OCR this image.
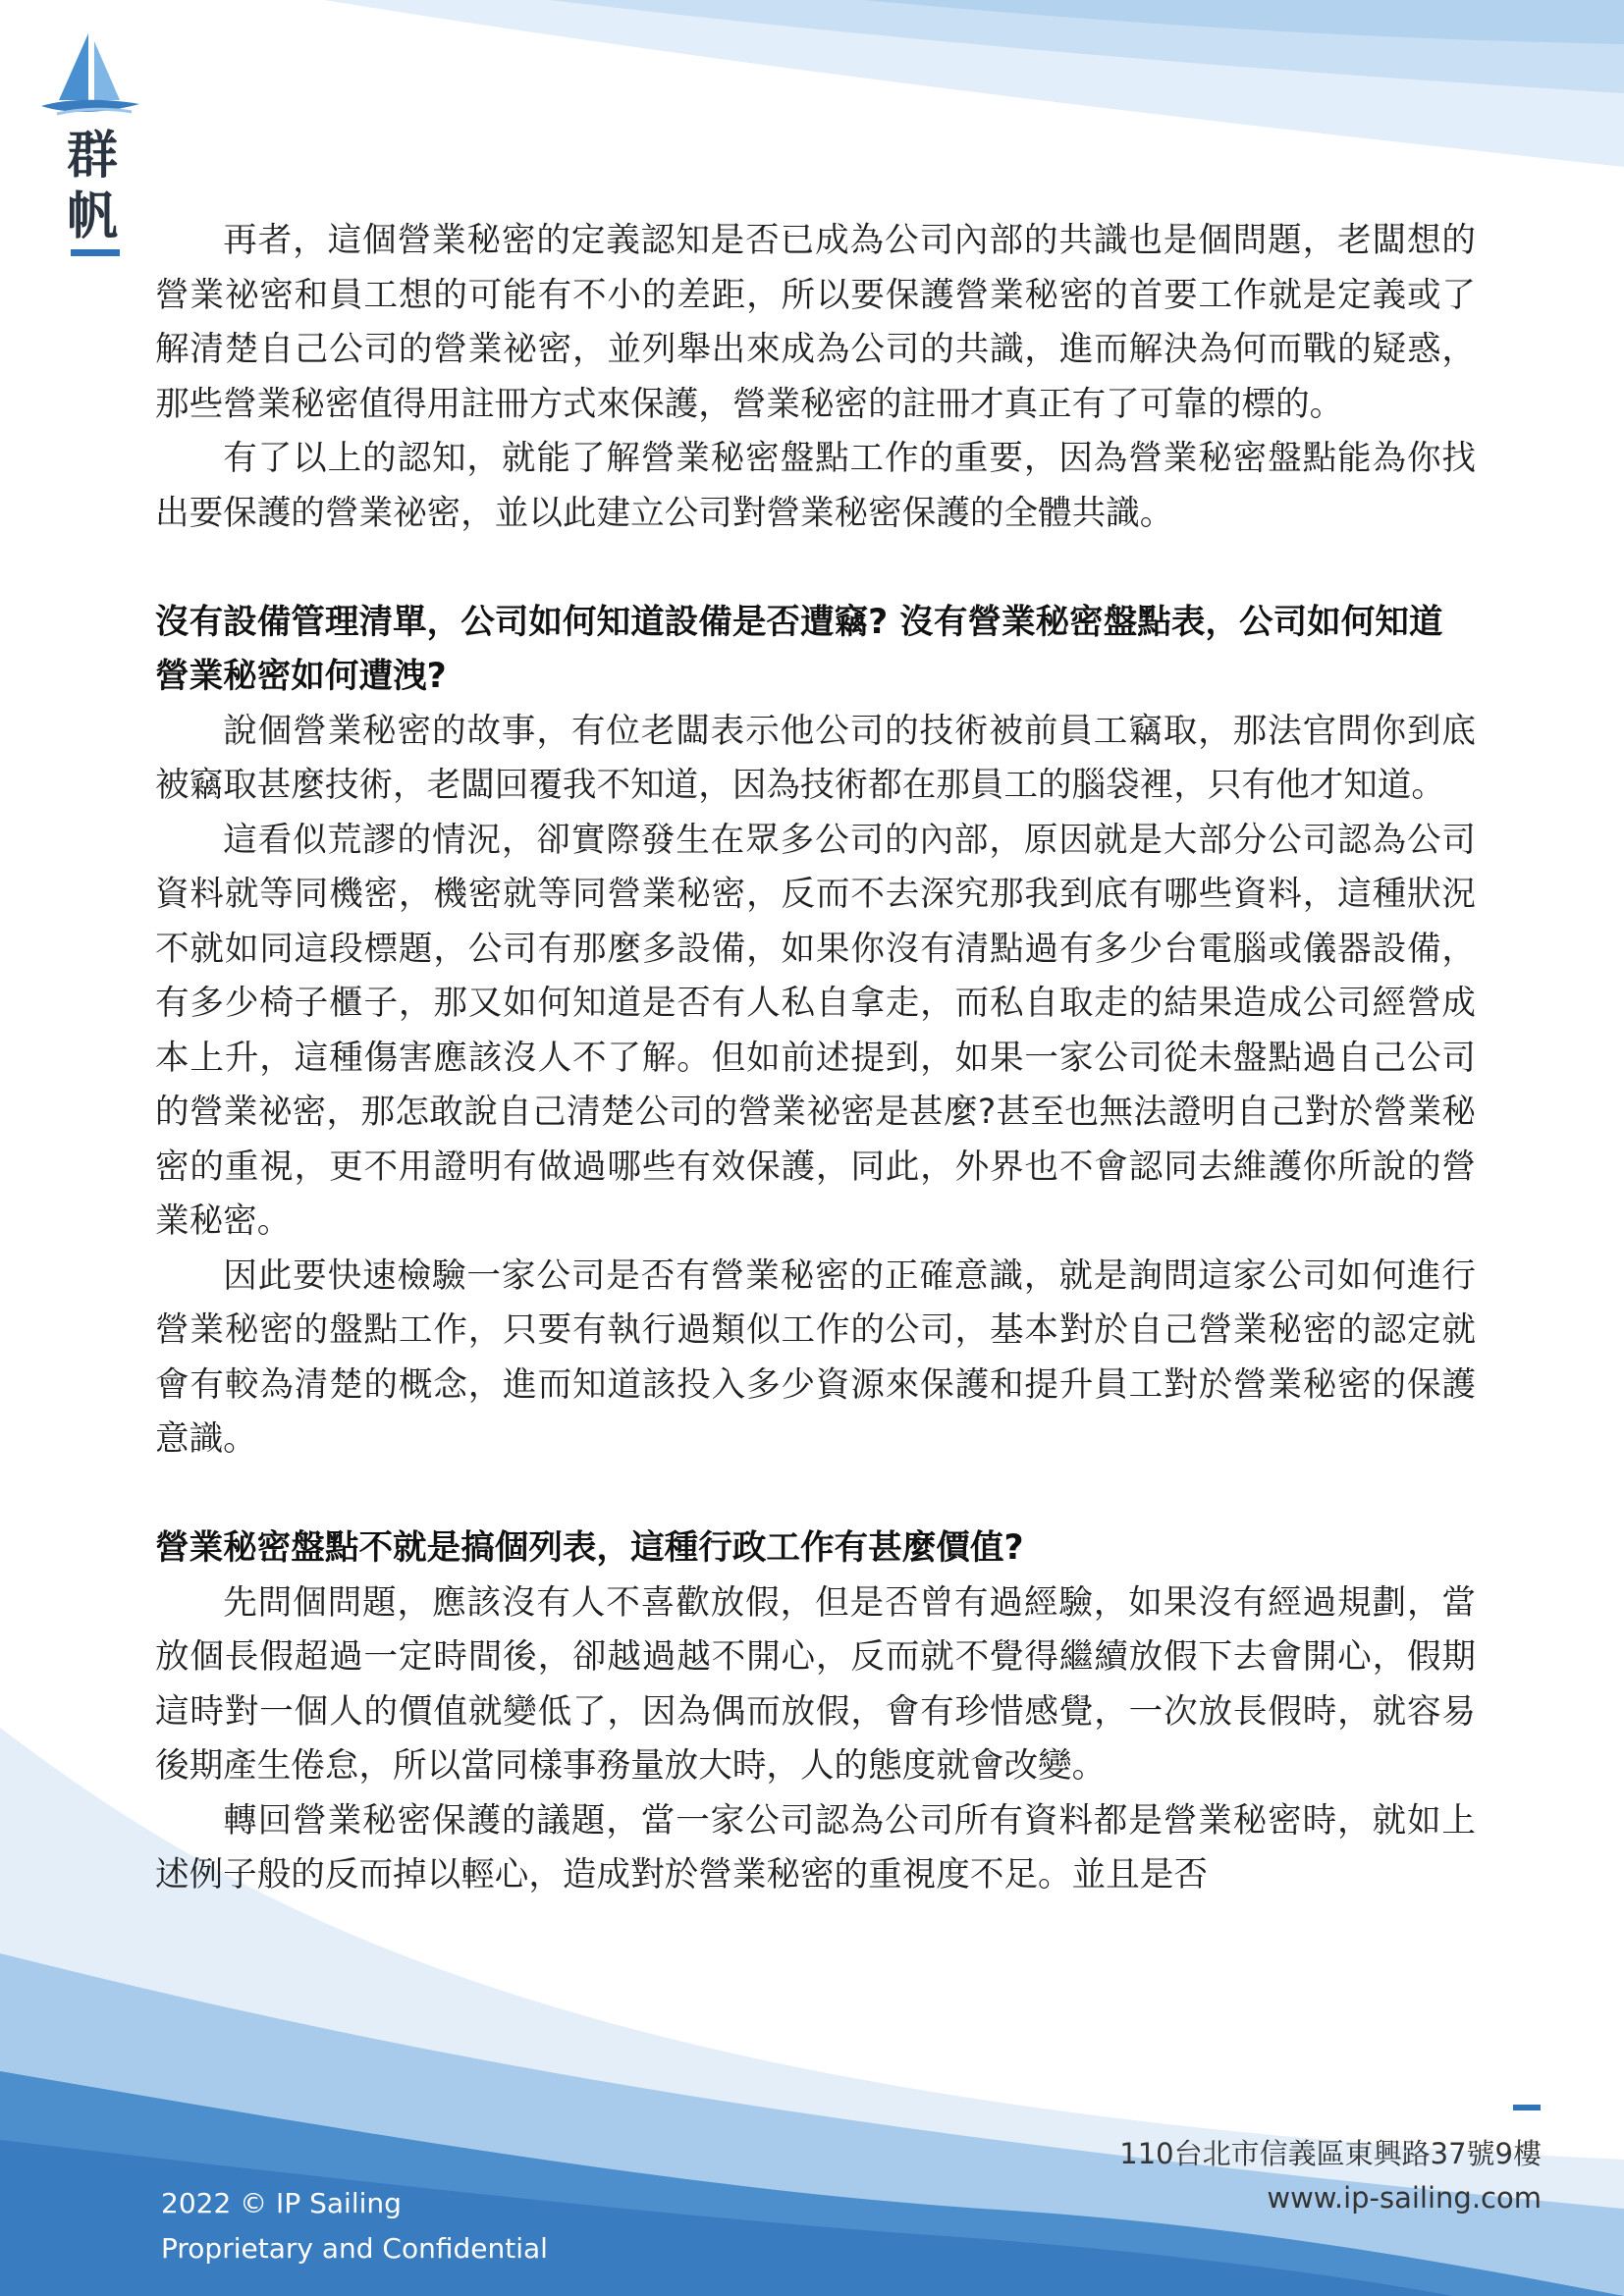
群帆	再者，這個營業秘密的定義認知是否已成為公司內部的共識也是個問題，老闆想的營業祕密和員工想的可能有不小的差距，所以要保護營業秘密的首要工作就是定義或了解清楚自己公司的營業祕密，並列舉出來成為公司的共識，進而解決為何而戰的疑惑，那些營業秘密值得用註冊方式來保護，營業秘密的註冊才真正有了可靠的標的。

有了以上的認知，就能了解營業秘密盤點工作的重要，因為營業秘密盤點能為你找出要保護的營業祕密，並以此建立公司對營業秘密保護的全體共識。

沒有設備管理清單，公司如何知道設備是否遭竊? 沒有營業秘密盤點表，公司如何知道營業秘密如何遭洩?

說個營業秘密的故事，有位老闆表示他公司的技術被前員工竊取，那法官問你到底被竊取甚麼技術，老闆回覆我不知道，因為技術都在那員工的腦袋裡，只有他才知道。

這看似荒謬的情況，卻實際發生在眾多公司的內部，原因就是大部分公司認為公司資料就等同機密，機密就等同營業秘密，反而不去深究那我到底有哪些資料，這種狀況不就如同這段標題，公司有那麼多設備，如果你沒有清點過有多少台電腦或儀器設備，有多少椅子櫃子，那又如何知道是否有人私自拿走，而私自取走的結果造成公司經營成本上升，這種傷害應該沒人不了解。但如前述提到，如果一家公司從未盤點過自己公司的營業祕密，那怎敢說自己清楚公司的營業祕密是甚麼?甚至也無法證明自己對於營業秘密的重視，更不用證明有做過哪些有效保護，同此，外界也不會認同去維護你所說的營業秘密。

因此要快速檢驗一家公司是否有營業秘密的正確意識，就是詢問這家公司如何進行營業秘密的盤點工作，只要有執行過類似工作的公司，基本對於自己營業秘密的認定就會有較為清楚的概念，進而知道該投入多少資源來保護和提升員工對於營業秘密的保護意識。

營業秘密盤點不就是搞個列表，這種行政工作有甚麼價值?

先問個問題，應該沒有人不喜歡放假，但是否曾有過經驗，如果沒有經過規劃，當放個長假超過一定時間後，卻越過越不開心，反而就不覺得繼續放假下去會開心，假期這時對一個人的價值就變低了，因為偶而放假，會有珍惜感覺，一次放長假時，就容易後期產生倦怠，所以當同樣事務量放大時，人的態度就會改變。

轉回營業秘密保護的議題，當一家公司認為公司所有資料都是營業秘密時，就如上述例子般的反而掉以輕心，造成對於營業秘密的重視度不足。並且是否

110台北市信義區東興路37號9樓
www.ip-sailing.com
2022 © IP Sailing
Proprietary and Confidential
